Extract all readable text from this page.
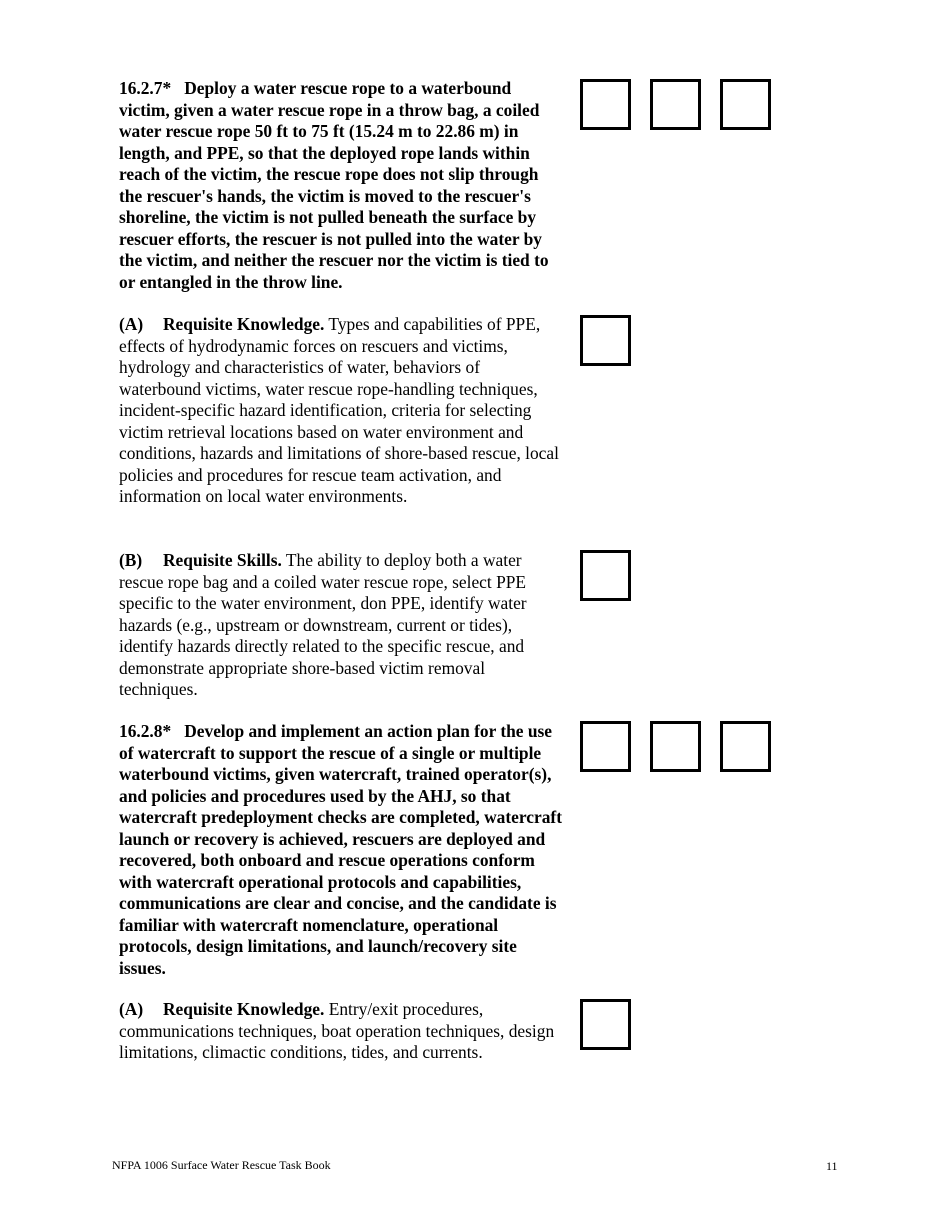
16.2.7* Deploy a water rescue rope to a waterbound victim, given a water rescue rope in a throw bag, a coiled water rescue rope 50 ft to 75 ft (15.24 m to 22.86 m) in length, and PPE, so that the deployed rope lands within reach of the victim, the rescue rope does not slip through the rescuer's hands, the victim is moved to the rescuer's shoreline, the victim is not pulled beneath the surface by rescuer efforts, the rescuer is not pulled into the water by the victim, and neither the rescuer nor the victim is tied to or entangled in the throw line.

(A) Requisite Knowledge. Types and capabilities of PPE, effects of hydrodynamic forces on rescuers and victims, hydrology and characteristics of water, behaviors of waterbound victims, water rescue rope-handling techniques, incident-specific hazard identification, criteria for selecting victim retrieval locations based on water environment and conditions, hazards and limitations of shore-based rescue, local policies and procedures for rescue team activation, and information on local water environments.

(B) Requisite Skills. The ability to deploy both a water rescue rope bag and a coiled water rescue rope, select PPE specific to the water environment, don PPE, identify water hazards (e.g., upstream or downstream, current or tides), identify hazards directly related to the specific rescue, and demonstrate appropriate shore-based victim removal techniques.

16.2.8* Develop and implement an action plan for the use of watercraft to support the rescue of a single or multiple waterbound victims, given watercraft, trained operator(s), and policies and procedures used by the AHJ, so that watercraft predeployment checks are completed, watercraft launch or recovery is achieved, rescuers are deployed and recovered, both onboard and rescue operations conform with watercraft operational protocols and capabilities, communications are clear and concise, and the candidate is familiar with watercraft nomenclature, operational protocols, design limitations, and launch/recovery site issues.

(A) Requisite Knowledge. Entry/exit procedures, communications techniques, boat operation techniques, design limitations, climactic conditions, tides, and currents.

NFPA 1006 Surface Water Rescue Task Book	11
